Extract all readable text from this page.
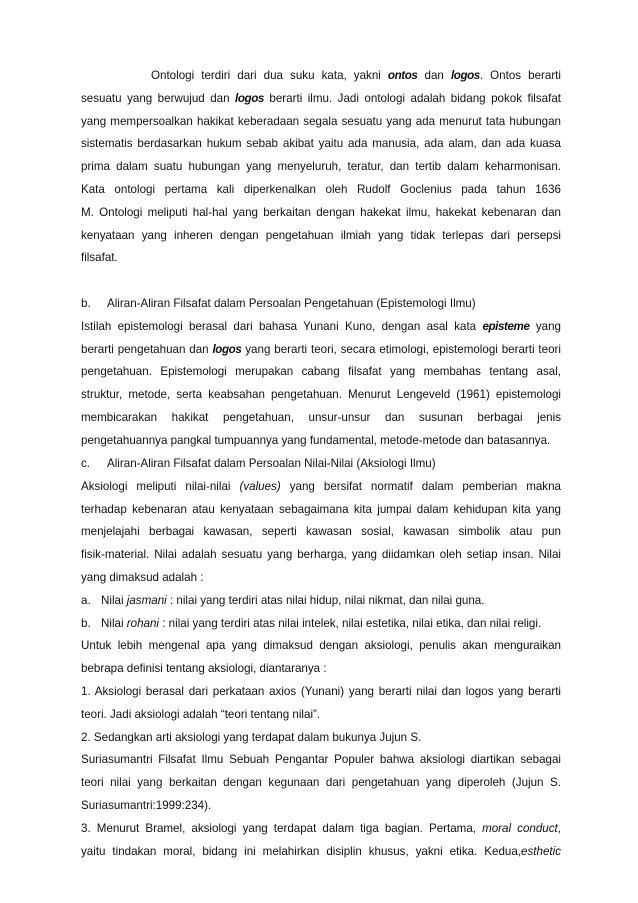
Ontologi terdiri dari dua suku kata, yakni ontos dan logos. Ontos berarti
sesuatu yang berwujud dan logos berarti ilmu. Jadi ontologi adalah bidang pokok filsafat
yang mempersoalkan hakikat keberadaan segala sesuatu yang ada menurut tata hubungan
sistematis berdasarkan hukum sebab akibat yaitu ada manusia, ada alam, dan ada kuasa
prima dalam suatu hubungan yang menyeluruh, teratur, dan tertib dalam keharmonisan.
Kata ontologi pertama kali diperkenalkan oleh Rudolf Goclenius pada tahun 1636
M. Ontologi meliputi hal-hal yang berkaitan dengan hakekat ilmu, hakekat kebenaran dan
kenyataan yang inheren dengan pengetahuan ilmiah yang tidak terlepas dari persepsi
filsafat.
b. Aliran-Aliran Filsafat dalam Persoalan Pengetahuan (Epistemologi Ilmu)
Istilah epistemologi berasal dari bahasa Yunani Kuno, dengan asal kata episteme yang
berarti pengetahuan dan logos yang berarti teori, secara etimologi, epistemologi berarti teori
pengetahuan. Epistemologi merupakan cabang filsafat yang membahas tentang asal,
struktur, metode, serta keabsahan pengetahuan. Menurut Lengeveld (1961) epistemologi
membicarakan hakikat pengetahuan, unsur-unsur dan susunan berbagai jenis
pengetahuannya pangkal tumpuannya yang fundamental, metode-metode dan batasannya.
c. Aliran-Aliran Filsafat dalam Persoalan Nilai-Nilai (Aksiologi Ilmu)
Aksiologi meliputi nilai-nilai (values) yang bersifat normatif dalam pemberian makna
terhadap kebenaran atau kenyataan sebagaimana kita jumpai dalam kehidupan kita yang
menjelajahi berbagai kawasan, seperti kawasan sosial, kawasan simbolik atau pun
fisik-material. Nilai adalah sesuatu yang berharga, yang diidamkan oleh setiap insan. Nilai
yang dimaksud adalah :
a. Nilai jasmani : nilai yang terdiri atas nilai hidup, nilai nikmat, dan nilai guna.
b. Nilai rohani : nilai yang terdiri atas nilai intelek, nilai estetika, nilai etika, dan nilai religi.
Untuk lebih mengenal apa yang dimaksud dengan aksiologi, penulis akan menguraikan
bebrapa definisi tentang aksiologi, diantaranya :
1. Aksiologi berasal dari perkataan axios (Yunani) yang berarti nilai dan logos yang berarti
teori. Jadi aksiologi adalah “teori tentang nilai”.
2. Sedangkan arti aksiologi yang terdapat dalam bukunya Jujun S.
Suriasumantri Filsafat Ilmu Sebuah Pengantar Populer bahwa aksiologi diartikan sebagai
teori nilai yang berkaitan dengan kegunaan dari pengetahuan yang diperoleh (Jujun S.
Suriasumantri:1999:234).
3. Menurut Bramel, aksiologi yang terdapat dalam tiga bagian. Pertama, moral conduct,
yaitu tindakan moral, bidang ini melahirkan disiplin khusus, yakni etika. Kedua,esthetic
